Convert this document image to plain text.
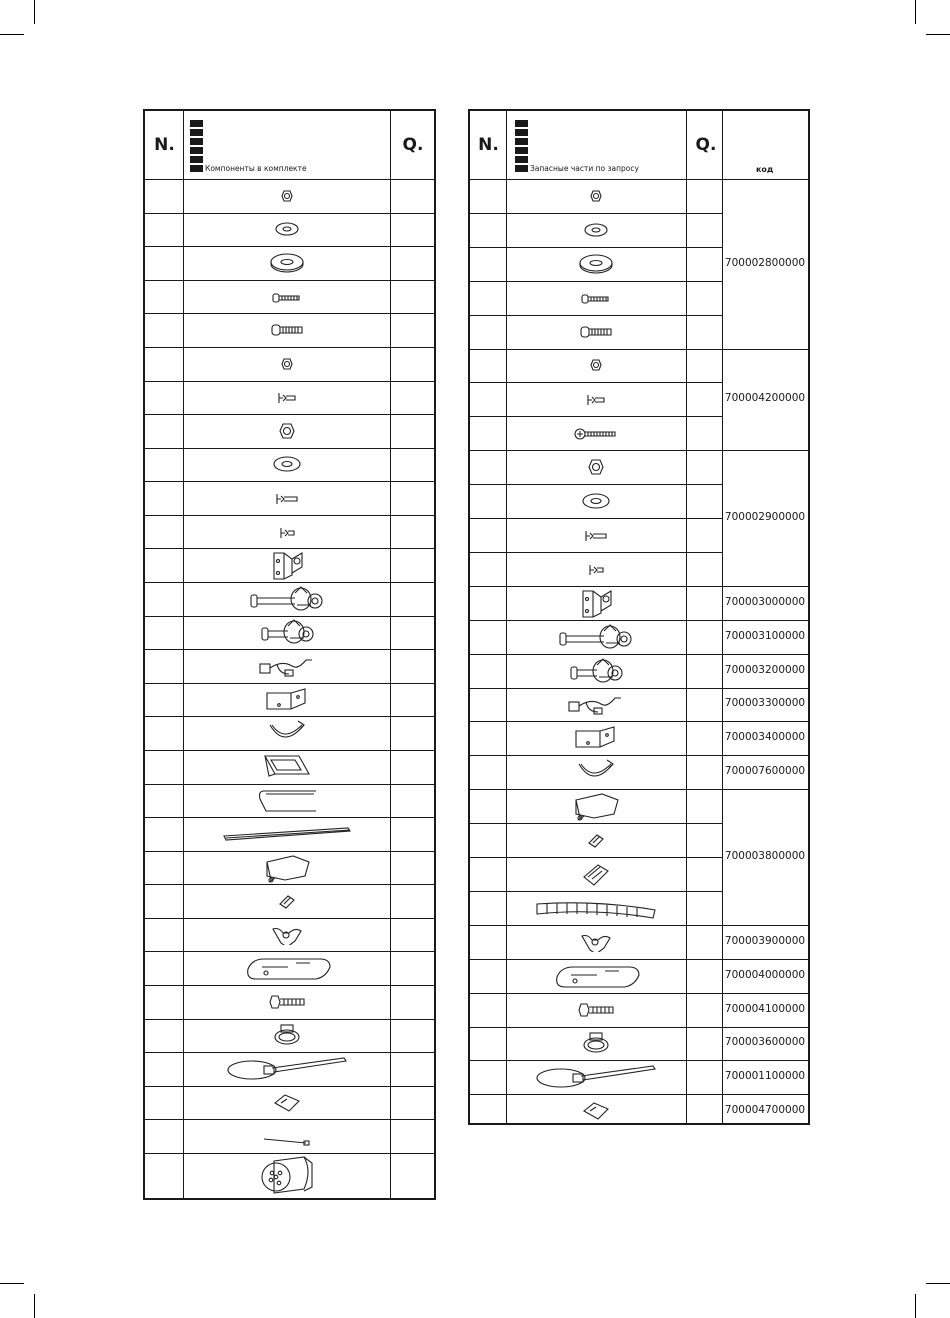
N.
Компоненты в комплекте
Q.	N.
Запасные части по запросу
Q.
код
700002800000
700004200000
700002900000
700003000000
700003100000
700003200000
700003300000
700003400000
700007600000
700003800000
700003900000
700004000000
700004100000
700003600000
700001100000
700004700000
